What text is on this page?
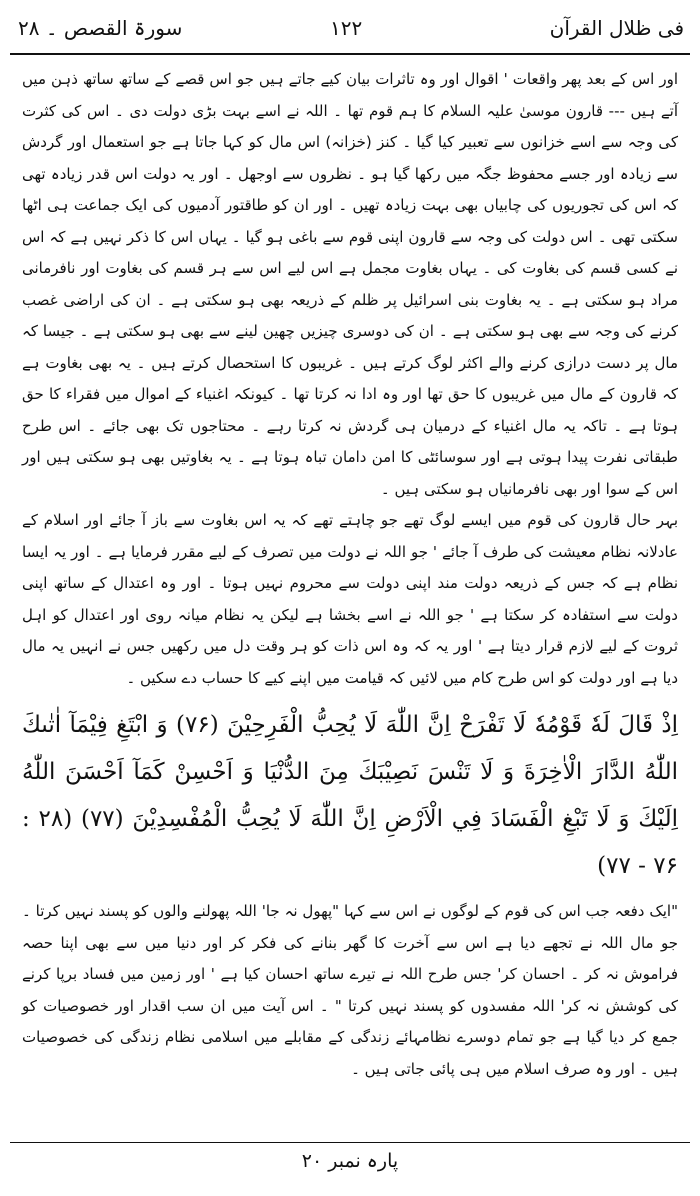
سورۃ القصص ۔ ۲۸	۱۲۲	فی ظلال القرآن

اور اس کے بعد پھر واقعات ' اقوال اور وہ تاثرات بیان کیے جاتے ہیں جو اس قصے کے ساتھ ساتھ ذہن میں آتے ہیں --- قارون موسیٰ علیہ السلام کا ہم قوم تھا ۔ اللہ نے اسے بہت بڑی دولت دی ۔ اس کی کثرت کی وجہ سے اسے خزانوں سے تعبیر کیا گیا ۔ کنز (خزانہ) اس مال کو کہا جاتا ہے جو استعمال اور گردش سے زیادہ اور جسے محفوظ جگہ میں رکھا گیا ہو ۔ نظروں سے اوجھل ۔ اور یہ دولت اس قدر زیادہ تھی کہ اس کی تجوریوں کی چابیاں بھی بہت زیادہ تھیں ۔ اور ان کو طاقتور آدمیوں کی ایک جماعت ہی اٹھا سکتی تھی ۔ اس دولت کی وجہ سے قارون اپنی قوم سے باغی ہو گیا ۔ یہاں اس کا ذکر نہیں ہے کہ اس نے کسی قسم کی بغاوت کی ۔ یہاں بغاوت مجمل ہے اس لیے اس سے ہر قسم کی بغاوت اور نافرمانی مراد ہو سکتی ہے ۔ یہ بغاوت بنی اسرائیل پر ظلم کے ذریعہ بھی ہو سکتی ہے ۔ ان کی اراضی غصب کرنے کی وجہ سے بھی ہو سکتی ہے ۔ ان کی دوسری چیزیں چھین لینے سے بھی ہو سکتی ہے ۔ جیسا کہ مال پر دست درازی کرنے والے اکثر لوگ کرتے ہیں ۔ غریبوں کا استحصال کرتے ہیں ۔ یہ بھی بغاوت ہے کہ قارون کے مال میں غریبوں کا حق تھا اور وہ ادا نہ کرتا تھا ۔ کیونکہ اغنیاء کے اموال میں فقراء کا حق ہوتا ہے ۔ تاکہ یہ مال اغنیاء کے درمیان ہی گردش نہ کرتا رہے ۔ محتاجوں تک بھی جائے ۔ اس طرح طبقاتی نفرت پیدا ہوتی ہے اور سوسائٹی کا امن دامان تباہ ہوتا ہے ۔ یہ بغاوتیں بھی ہو سکتی ہیں اور اس کے سوا اور بھی نافرمانیاں ہو سکتی ہیں ۔

بہر حال قارون کی قوم میں ایسے لوگ تھے جو چاہتے تھے کہ یہ اس بغاوت سے باز آ جائے اور اسلام کے عادلانہ نظام معیشت کی طرف آ جائے ' جو اللہ نے دولت میں تصرف کے لیے مقرر فرمایا ہے ۔ اور یہ ایسا نظام ہے کہ جس کے ذریعہ دولت مند اپنی دولت سے محروم نہیں ہوتا ۔ اور وہ اعتدال کے ساتھ اپنی دولت سے استفادہ کر سکتا ہے ' جو اللہ نے اسے بخشا ہے لیکن یہ نظام میانہ روی اور اعتدال کو اہل ثروت کے لیے لازم قرار دیتا ہے ' اور یہ کہ وہ اس ذات کو ہر وقت دل میں رکھیں جس نے انہیں یہ مال دیا ہے اور دولت کو اس طرح کام میں لائیں کہ قیامت میں اپنے کیے کا حساب دے سکیں ۔

اِذْ قَالَ لَهٗ قَوْمُهٗ لَا تَفْرَحْ اِنَّ اللّٰهَ لَا يُحِبُّ الْفَرِحِيْنَ (۷۶) وَ ابْتَغِ فِيْمَآ اٰتٰىكَ اللّٰهُ الدَّارَ الْاٰخِرَةَ وَ لَا تَنْسَ نَصِيْبَكَ مِنَ الدُّنْيَا وَ اَحْسِنْ كَمَآ اَحْسَنَ اللّٰهُ اِلَيْكَ وَ لَا تَبْغِ الْفَسَادَ فِي الْاَرْضِ اِنَّ اللّٰهَ لَا يُحِبُّ الْمُفْسِدِيْنَ (۷۷) (۲۸ : ۷۶ - ۷۷)

"ایک دفعہ جب اس کی قوم کے لوگوں نے اس سے کہا "پھول نہ جا' اللہ پھولنے والوں کو پسند نہیں کرتا ۔ جو مال اللہ نے تجھے دیا ہے اس سے آخرت کا گھر بنانے کی فکر کر اور دنیا میں سے بھی اپنا حصہ فراموش نہ کر ۔ احسان کر' جس طرح اللہ نے تیرے ساتھ احسان کیا ہے ' اور زمین میں فساد برپا کرنے کی کوشش نہ کر' اللہ مفسدوں کو پسند نہیں کرتا " ۔ اس آیت میں ان سب اقدار اور خصوصیات کو جمع کر دیا گیا ہے جو تمام دوسرے نظامہائے زندگی کے مقابلے میں اسلامی نظام زندگی کی خصوصیات ہیں ۔ اور وہ صرف اسلام میں ہی پائی جاتی ہیں ۔

پارہ نمبر ۲۰
